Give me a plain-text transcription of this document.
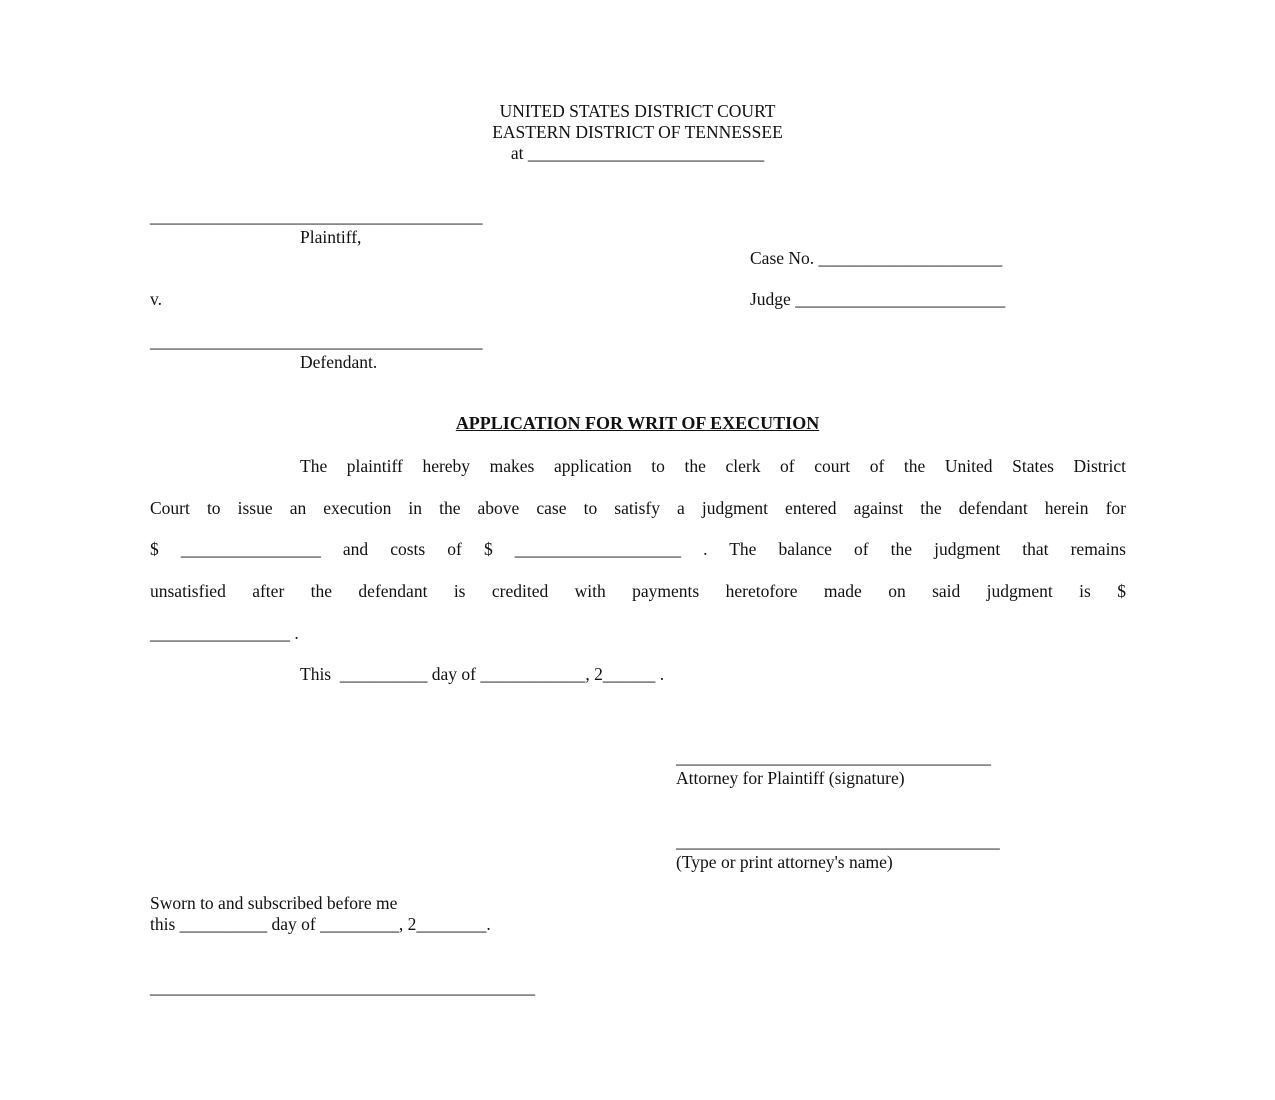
UNITED STATES DISTRICT COURT
EASTERN DISTRICT OF TENNESSEE
at ___________________________
______________________________________
Plaintiff,
v.
______________________________________
Defendant.
Case No. _____________________
Judge ________________________
APPLICATION FOR WRIT OF EXECUTION
The plaintiff hereby makes application to the clerk of court of the United States District
Court to issue an execution in the above case to satisfy a judgment entered against the defendant herein for
$ ________________ and costs of $ ___________________ . The balance of the judgment that remains
unsatisfied after the defendant is credited with payments heretofore made on said judgment is $
________________ .
This  __________ day of ____________, 2______ .
____________________________________
Attorney for Plaintiff (signature)
_____________________________________
(Type or print attorney's name)
Sworn to and subscribed before me
this __________ day of _________, 2________.
____________________________________________
